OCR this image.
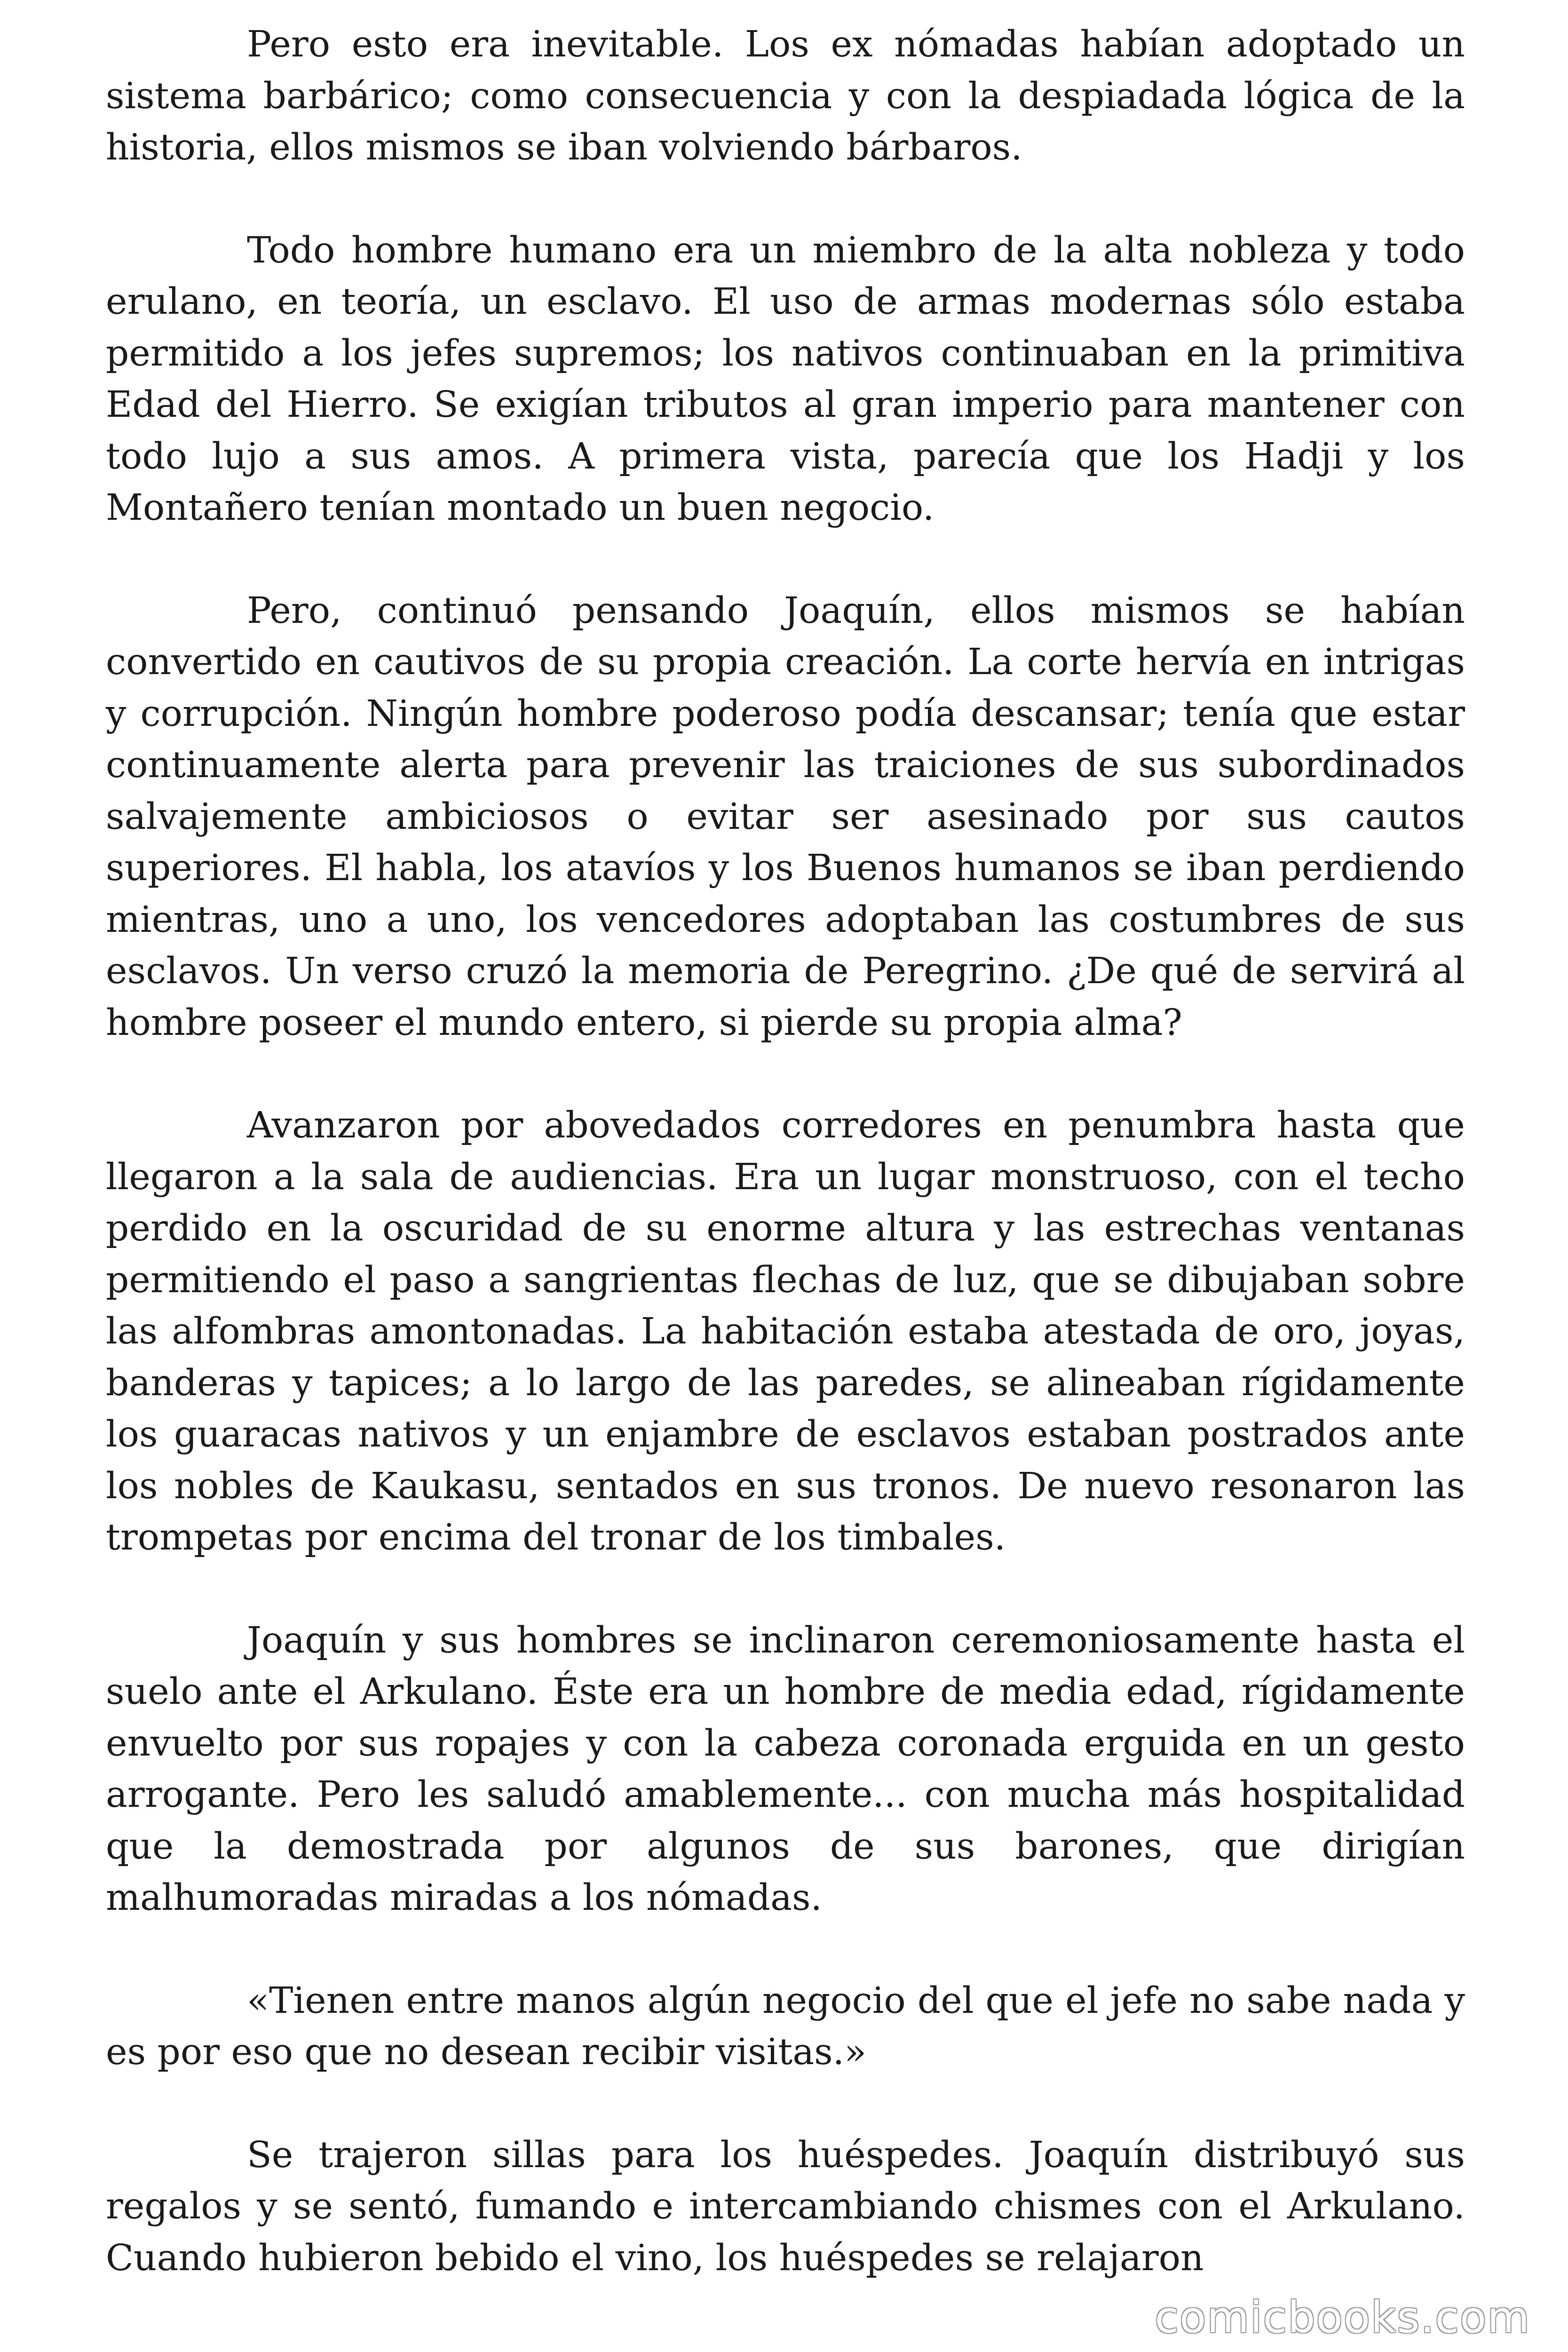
Pero esto era inevitable. Los ex nómadas habían adoptado un sistema barbárico; como consecuencia y con la despiadada lógica de la historia, ellos mismos se iban volviendo bárbaros.

Todo hombre humano era un miembro de la alta nobleza y todo erulano, en teoría, un esclavo. El uso de armas modernas sólo estaba permitido a los jefes supremos; los nativos continuaban en la primitiva Edad del Hierro. Se exigían tributos al gran imperio para mantener con todo lujo a sus amos. A primera vista, parecía que los Hadji y los Montañero tenían montado un buen negocio.

Pero, continuó pensando Joaquín, ellos mismos se habían convertido en cautivos de su propia creación. La corte hervía en intrigas y corrupción. Ningún hombre poderoso podía descansar; tenía que estar continuamente alerta para prevenir las traiciones de sus subordinados salvajemente ambiciosos o evitar ser asesinado por sus cautos superiores. El habla, los atavíos y los Buenos humanos se iban perdiendo mientras, uno a uno, los vencedores adoptaban las costumbres de sus esclavos. Un verso cruzó la memoria de Peregrino. ¿De qué de servirá al hombre poseer el mundo entero, si pierde su propia alma?

Avanzaron por abovedados corredores en penumbra hasta que llegaron a la sala de audiencias. Era un lugar monstruoso, con el techo perdido en la oscuridad de su enorme altura y las estrechas ventanas permitiendo el paso a sangrientas flechas de luz, que se dibujaban sobre las alfombras amontonadas. La habitación estaba atestada de oro, joyas, banderas y tapices; a lo largo de las paredes, se alineaban rígidamente los guaracas nativos y un enjambre de esclavos estaban postrados ante los nobles de Kaukasu, sentados en sus tronos. De nuevo resonaron las trompetas por encima del tronar de los timbales.

Joaquín y sus hombres se inclinaron ceremoniosamente hasta el suelo ante el Arkulano. Éste era un hombre de media edad, rígidamente envuelto por sus ropajes y con la cabeza coronada erguida en un gesto arrogante. Pero les saludó amablemente... con mucha más hospitalidad que la demostrada por algunos de sus barones, que dirigían malhumoradas miradas a los nómadas.

«Tienen entre manos algún negocio del que el jefe no sabe nada y es por eso que no desean recibir visitas.»

Se trajeron sillas para los huéspedes. Joaquín distribuyó sus regalos y se sentó, fumando e intercambiando chismes con el Arkulano. Cuando hubieron bebido el vino, los huéspedes se relajaron

comicbooks.com
